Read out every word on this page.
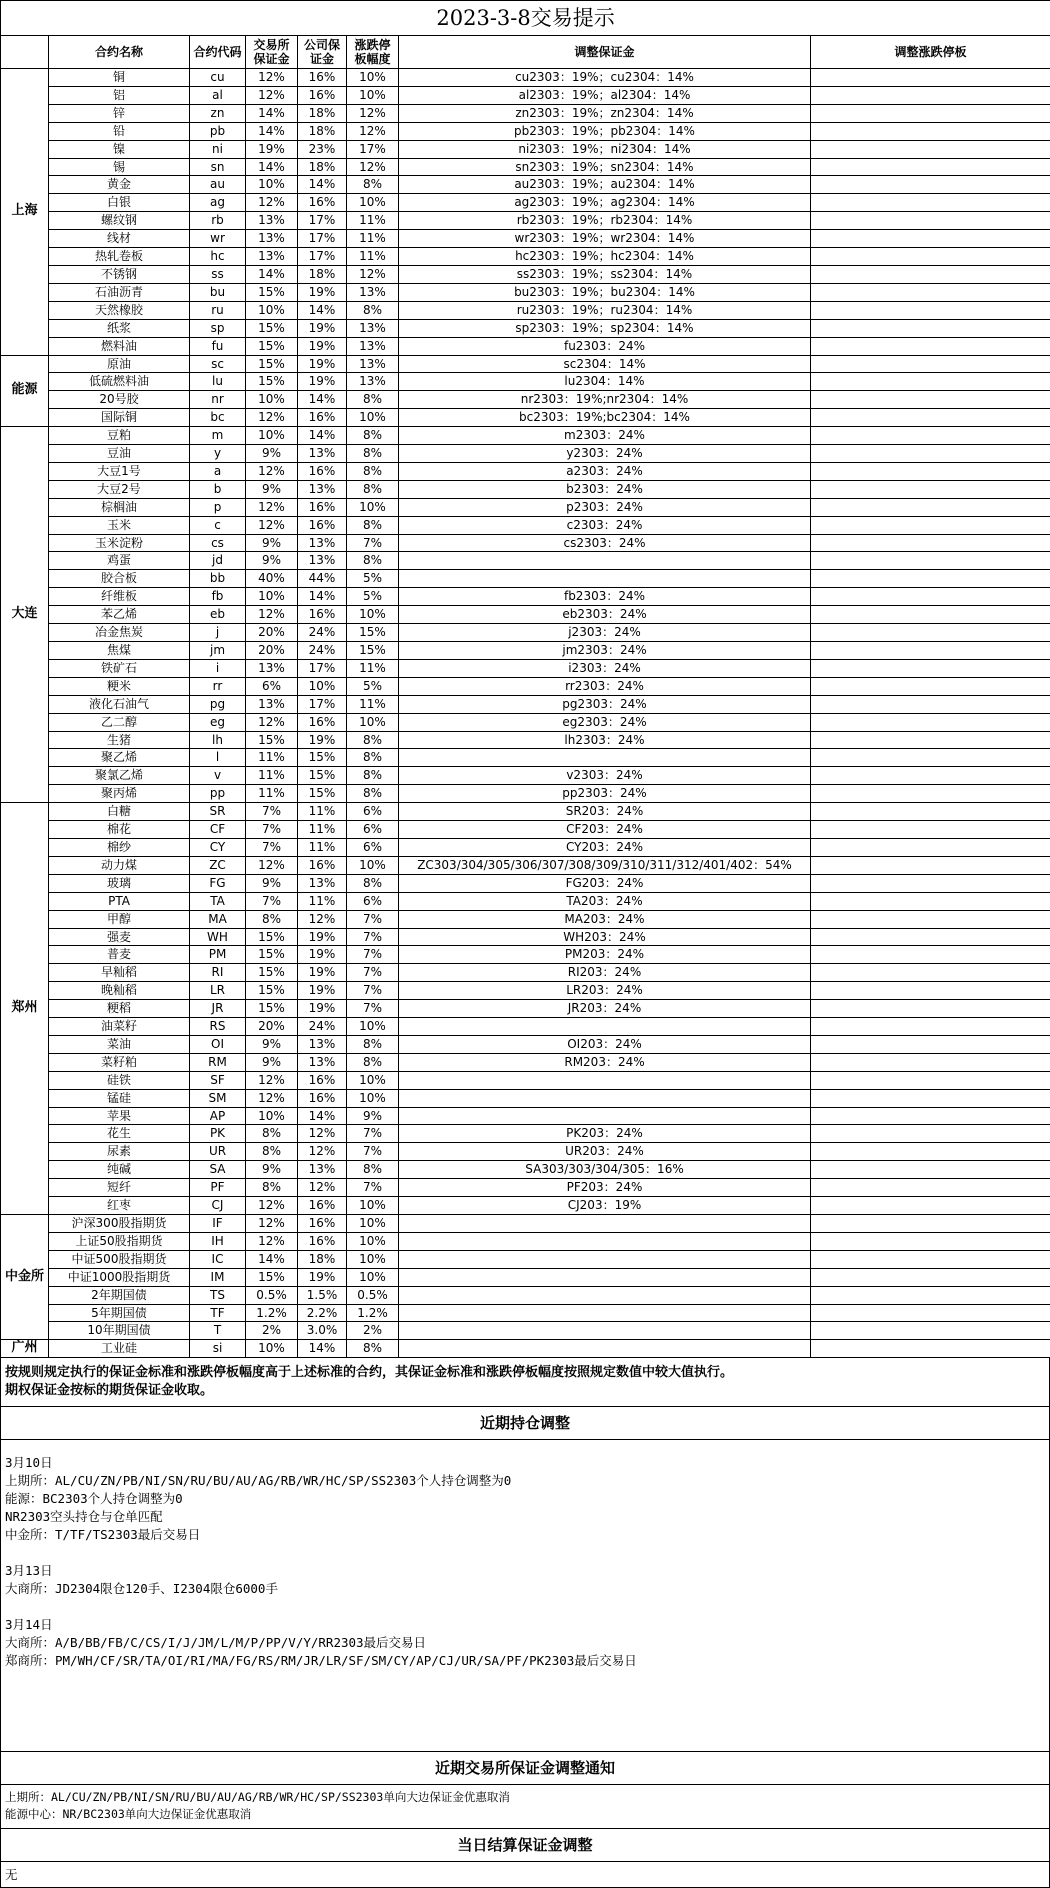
2023-3-8交易提示							
	合约名称	合约代码	交易所保证金	公司保证金	涨跌停板幅度	调整保证金	调整涨跌停板
上海	铜	cu	12%	16%	10%	cu2303：19%；cu2304：14%	
	铝	al	12%	16%	10%	al2303：19%；al2304：14%	
	锌	zn	14%	18%	12%	zn2303：19%；zn2304：14%	
	铅	pb	14%	18%	12%	pb2303：19%；pb2304：14%	
	镍	ni	19%	23%	17%	ni2303：19%；ni2304：14%	
	锡	sn	14%	18%	12%	sn2303：19%；sn2304：14%	
	黄金	au	10%	14%	8%	au2303：19%；au2304：14%	
	白银	ag	12%	16%	10%	ag2303：19%；ag2304：14%	
	螺纹钢	rb	13%	17%	11%	rb2303：19%；rb2304：14%	
	线材	wr	13%	17%	11%	wr2303：19%；wr2304：14%	
	热轧卷板	hc	13%	17%	11%	hc2303：19%；hc2304：14%	
	不锈钢	ss	14%	18%	12%	ss2303：19%；ss2304：14%	
	石油沥青	bu	15%	19%	13%	bu2303：19%；bu2304：14%	
	天然橡胶	ru	10%	14%	8%	ru2303：19%；ru2304：14%	
	纸浆	sp	15%	19%	13%	sp2303：19%；sp2304：14%	
	燃料油	fu	15%	19%	13%	fu2303：24%	
能源	原油	sc	15%	19%	13%	sc2304：14%	
	低硫燃料油	lu	15%	19%	13%	lu2304：14%	
	20号胶	nr	10%	14%	8%	nr2303：19%;nr2304：14%	
	国际铜	bc	12%	16%	10%	bc2303：19%;bc2304：14%	
大连	豆粕	m	10%	14%	8%	m2303：24%	
	豆油	y	9%	13%	8%	y2303：24%	
	大豆1号	a	12%	16%	8%	a2303：24%	
	大豆2号	b	9%	13%	8%	b2303：24%	
	棕榈油	p	12%	16%	10%	p2303：24%	
	玉米	c	12%	16%	8%	c2303：24%	
	玉米淀粉	cs	9%	13%	7%	cs2303：24%	
	鸡蛋	jd	9%	13%	8%		
	胶合板	bb	40%	44%	5%		
	纤维板	fb	10%	14%	5%	fb2303：24%	
	苯乙烯	eb	12%	16%	10%	eb2303：24%	
	冶金焦炭	j	20%	24%	15%	j2303：24%	
	焦煤	jm	20%	24%	15%	jm2303：24%	
	铁矿石	i	13%	17%	11%	i2303：24%	
	粳米	rr	6%	10%	5%	rr2303：24%	
	液化石油气	pg	13%	17%	11%	pg2303：24%	
	乙二醇	eg	12%	16%	10%	eg2303：24%	
	生猪	lh	15%	19%	8%	lh2303：24%	
	聚乙烯	l	11%	15%	8%		
	聚氯乙烯	v	11%	15%	8%	v2303：24%	
	聚丙烯	pp	11%	15%	8%	pp2303：24%	
郑州	白糖	SR	7%	11%	6%	SR203：24%	
	棉花	CF	7%	11%	6%	CF203：24%	
	棉纱	CY	7%	11%	6%	CY203：24%	
	动力煤	ZC	12%	16%	10%	ZC303/304/305/306/307/308/309/310/311/312/401/402：54%	
	玻璃	FG	9%	13%	8%	FG203：24%	
	PTA	TA	7%	11%	6%	TA203：24%	
	甲醇	MA	8%	12%	7%	MA203：24%	
	强麦	WH	15%	19%	7%	WH203：24%	
	普麦	PM	15%	19%	7%	PM203：24%	
	早籼稻	RI	15%	19%	7%	RI203：24%	
	晚籼稻	LR	15%	19%	7%	LR203：24%	
	粳稻	JR	15%	19%	7%	JR203：24%	
	油菜籽	RS	20%	24%	10%		
	菜油	OI	9%	13%	8%	OI203：24%	
	菜籽粕	RM	9%	13%	8%	RM203：24%	
	硅铁	SF	12%	16%	10%		
	锰硅	SM	12%	16%	10%		
	苹果	AP	10%	14%	9%		
	花生	PK	8%	12%	7%	PK203：24%	
	尿素	UR	8%	12%	7%	UR203：24%	
	纯碱	SA	9%	13%	8%	SA303/303/304/305：16%	
	短纤	PF	8%	12%	7%	PF203：24%	
	红枣	CJ	12%	16%	10%	CJ203：19%	
中金所	沪深300股指期货	IF	12%	16%	10%		
	上证50股指期货	IH	12%	16%	10%		
	中证500股指期货	IC	14%	18%	10%		
	中证1000股指期货	IM	15%	19%	10%		
	2年期国债	TS	0.5%	1.5%	0.5%		
	5年期国债	TF	1.2%	2.2%	1.2%		
	10年期国债	T	2%	3.0%	2%		
广州	工业硅	si	10%	14%	8%		
按规则规定执行的保证金标准和涨跌停板幅度高于上述标准的合约，其保证金标准和涨跌停板幅度按照规定数值中较大值执行。
期权保证金按标的期货保证金收取。
近期持仓调整
3月10日
上期所：AL/CU/ZN/PB/NI/SN/RU/BU/AU/AG/RB/WR/HC/SP/SS2303个人持仓调整为0
能源：BC2303个人持仓调整为0
NR2303空头持仓与仓单匹配
中金所：T/TF/TS2303最后交易日
3月13日
大商所：JD2304限仓120手、I2304限仓6000手
3月14日
大商所：A/B/BB/FB/C/CS/I/J/JM/L/M/P/PP/V/Y/RR2303最后交易日
郑商所：PM/WH/CF/SR/TA/OI/RI/MA/FG/RS/RM/JR/LR/SF/SM/CY/AP/CJ/UR/SA/PF/PK2303最后交易日
近期交易所保证金调整通知
上期所：AL/CU/ZN/PB/NI/SN/RU/BU/AU/AG/RB/WR/HC/SP/SS2303单向大边保证金优惠取消
能源中心：NR/BC2303单向大边保证金优惠取消
当日结算保证金调整
无
